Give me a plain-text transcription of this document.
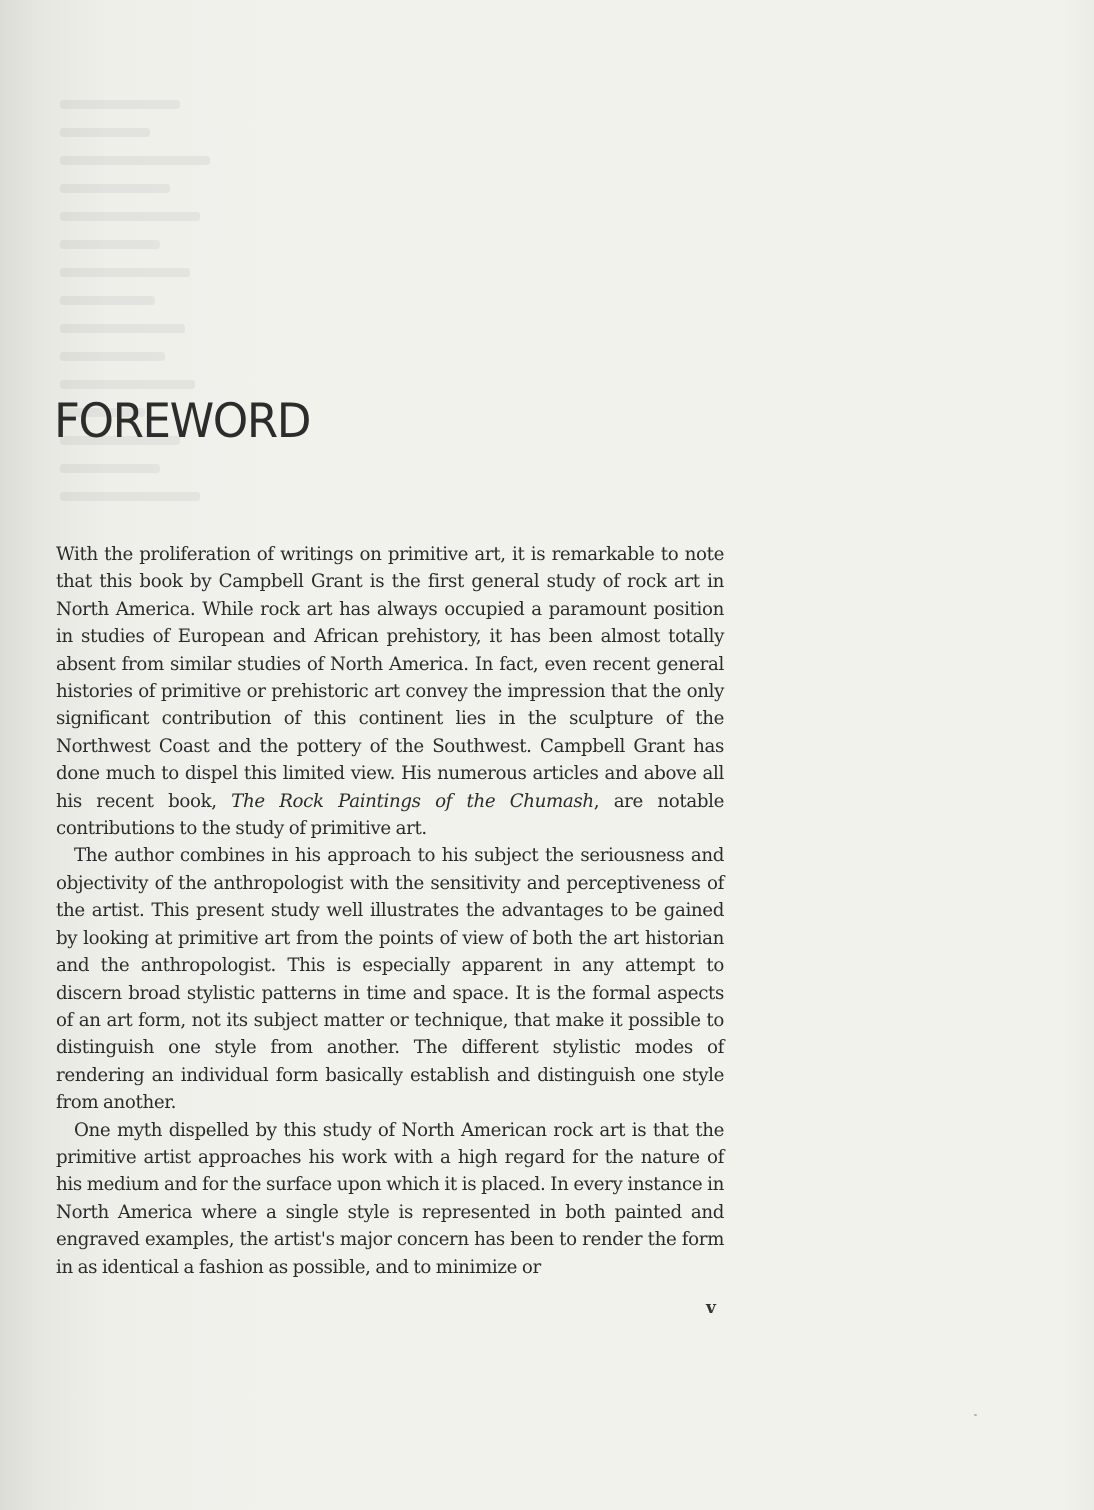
FOREWORD

With the proliferation of writings on primitive art, it is remarkable to note that this book by Campbell Grant is the first general study of rock art in North America. While rock art has always occupied a paramount position in studies of European and African prehistory, it has been almost totally absent from similar studies of North America. In fact, even recent general histories of primitive or prehistoric art convey the impression that the only significant contribution of this continent lies in the sculpture of the Northwest Coast and the pottery of the Southwest. Campbell Grant has done much to dispel this limited view. His numerous articles and above all his recent book, The Rock Paintings of the Chumash, are notable contributions to the study of primitive art.

The author combines in his approach to his subject the seriousness and objectivity of the anthropologist with the sensitivity and perceptiveness of the artist. This present study well illustrates the advantages to be gained by looking at primitive art from the points of view of both the art historian and the anthropologist. This is especially apparent in any attempt to discern broad stylistic patterns in time and space. It is the formal aspects of an art form, not its subject matter or technique, that make it possible to distinguish one style from another. The different stylistic modes of rendering an individual form basically establish and distinguish one style from another.

One myth dispelled by this study of North American rock art is that the primitive artist approaches his work with a high regard for the nature of his medium and for the surface upon which it is placed. In every instance in North America where a single style is represented in both painted and engraved examples, the artist's major concern has been to render the form in as identical a fashion as possible, and to minimize or

v
